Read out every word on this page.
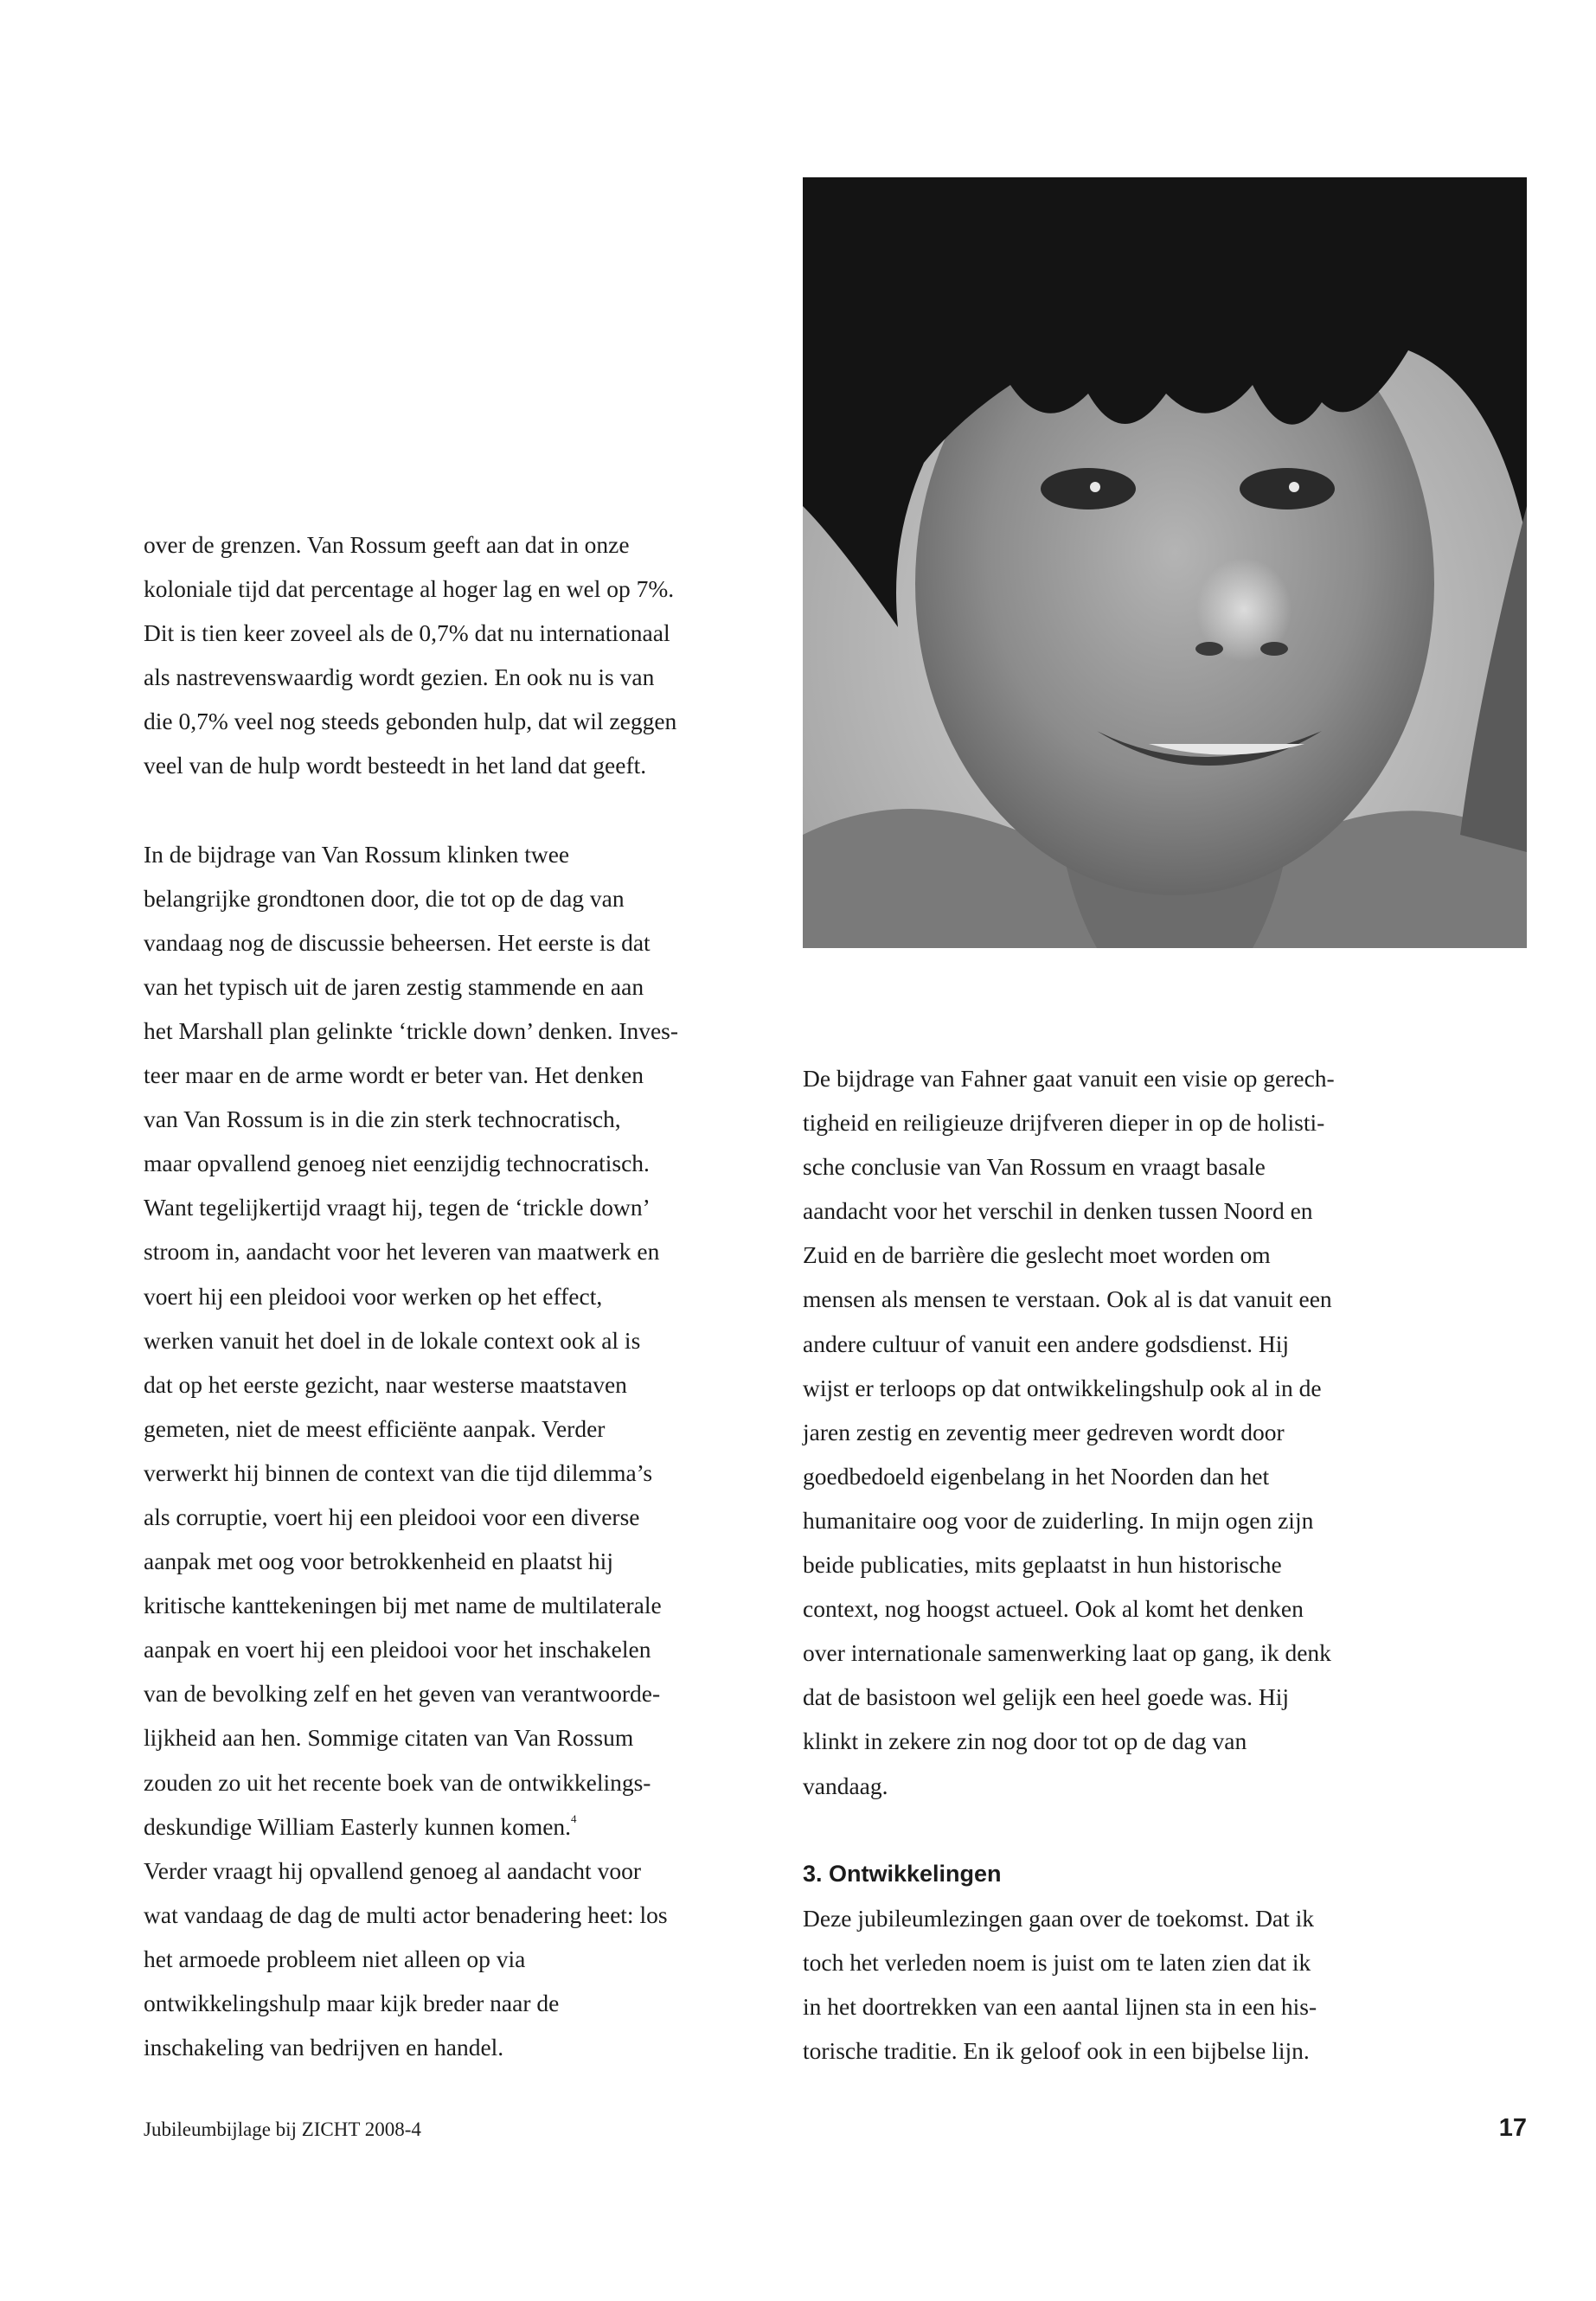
over de grenzen. Van Rossum geeft aan dat in onze
koloniale tijd dat percentage al hoger lag en wel op 7%.
Dit is tien keer zoveel als de 0,7% dat nu internationaal
als nastrevenswaardig wordt gezien. En ook nu is van
die 0,7% veel nog steeds gebonden hulp, dat wil zeggen
veel van de hulp wordt besteedt in het land dat geeft.
In de bijdrage van Van Rossum klinken twee
belangrijke grondtonen door, die tot op de dag van
vandaag nog de discussie beheersen. Het eerste is dat
van het typisch uit de jaren zestig stammende en aan
het Marshall plan gelinkte ‘trickle down’ denken. Inves-
teer maar en de arme wordt er beter van. Het denken
van Van Rossum is in die zin sterk technocratisch,
maar opvallend genoeg niet eenzijdig technocratisch.
Want tegelijkertijd vraagt hij, tegen de ‘trickle down’
stroom in, aandacht voor het leveren van maatwerk en
voert hij een pleidooi voor werken op het effect,
werken vanuit het doel in de lokale context ook al is
dat op het eerste gezicht, naar westerse maatstaven
gemeten, niet de meest efficiënte aanpak. Verder
verwerkt hij binnen de context van die tijd dilemma’s
als corruptie, voert hij een pleidooi voor een diverse
aanpak met oog voor betrokkenheid en plaatst hij
kritische kanttekeningen bij met name de multilaterale
aanpak en voert hij een pleidooi voor het inschakelen
van de bevolking zelf en het geven van verantwoorde-
lijkheid aan hen. Sommige citaten van Van Rossum
zouden zo uit het recente boek van de ontwikkelings-
deskundige William Easterly kunnen komen.$^4$
Verder vraagt hij opvallend genoeg al aandacht voor
wat vandaag de dag de multi actor benadering heet: los
het armoede probleem niet alleen op via
ontwikkelingshulp maar kijk breder naar de
inschakeling van bedrijven en handel.
De bijdrage van Fahner gaat vanuit een visie op gerech-
tigheid en reiligieuze drijfveren dieper in op de holisti-
sche conclusie van Van Rossum en vraagt basale
aandacht voor het verschil in denken tussen Noord en
Zuid en de barrière die geslecht moet worden om
mensen als mensen te verstaan. Ook al is dat vanuit een
andere cultuur of vanuit een andere godsdienst. Hij
wijst er terloops op dat ontwikkelingshulp ook al in de
jaren zestig en zeventig meer gedreven wordt door
goedbedoeld eigenbelang in het Noorden dan het
humanitaire oog voor de zuiderling. In mijn ogen zijn
beide publicaties, mits geplaatst in hun historische
context, nog hoogst actueel. Ook al komt het denken
over internationale samenwerking laat op gang, ik denk
dat de basistoon wel gelijk een heel goede was. Hij
klinkt in zekere zin nog door tot op de dag van
vandaag.
3. Ontwikkelingen
Deze jubileumlezingen gaan over de toekomst. Dat ik
toch het verleden noem is juist om te laten zien dat ik
in het doortrekken van een aantal lijnen sta in een his-
torische traditie. En ik geloof ook in een bijbelse lijn.
Jubileumbijlage bij ZICHT 2008-4	17
